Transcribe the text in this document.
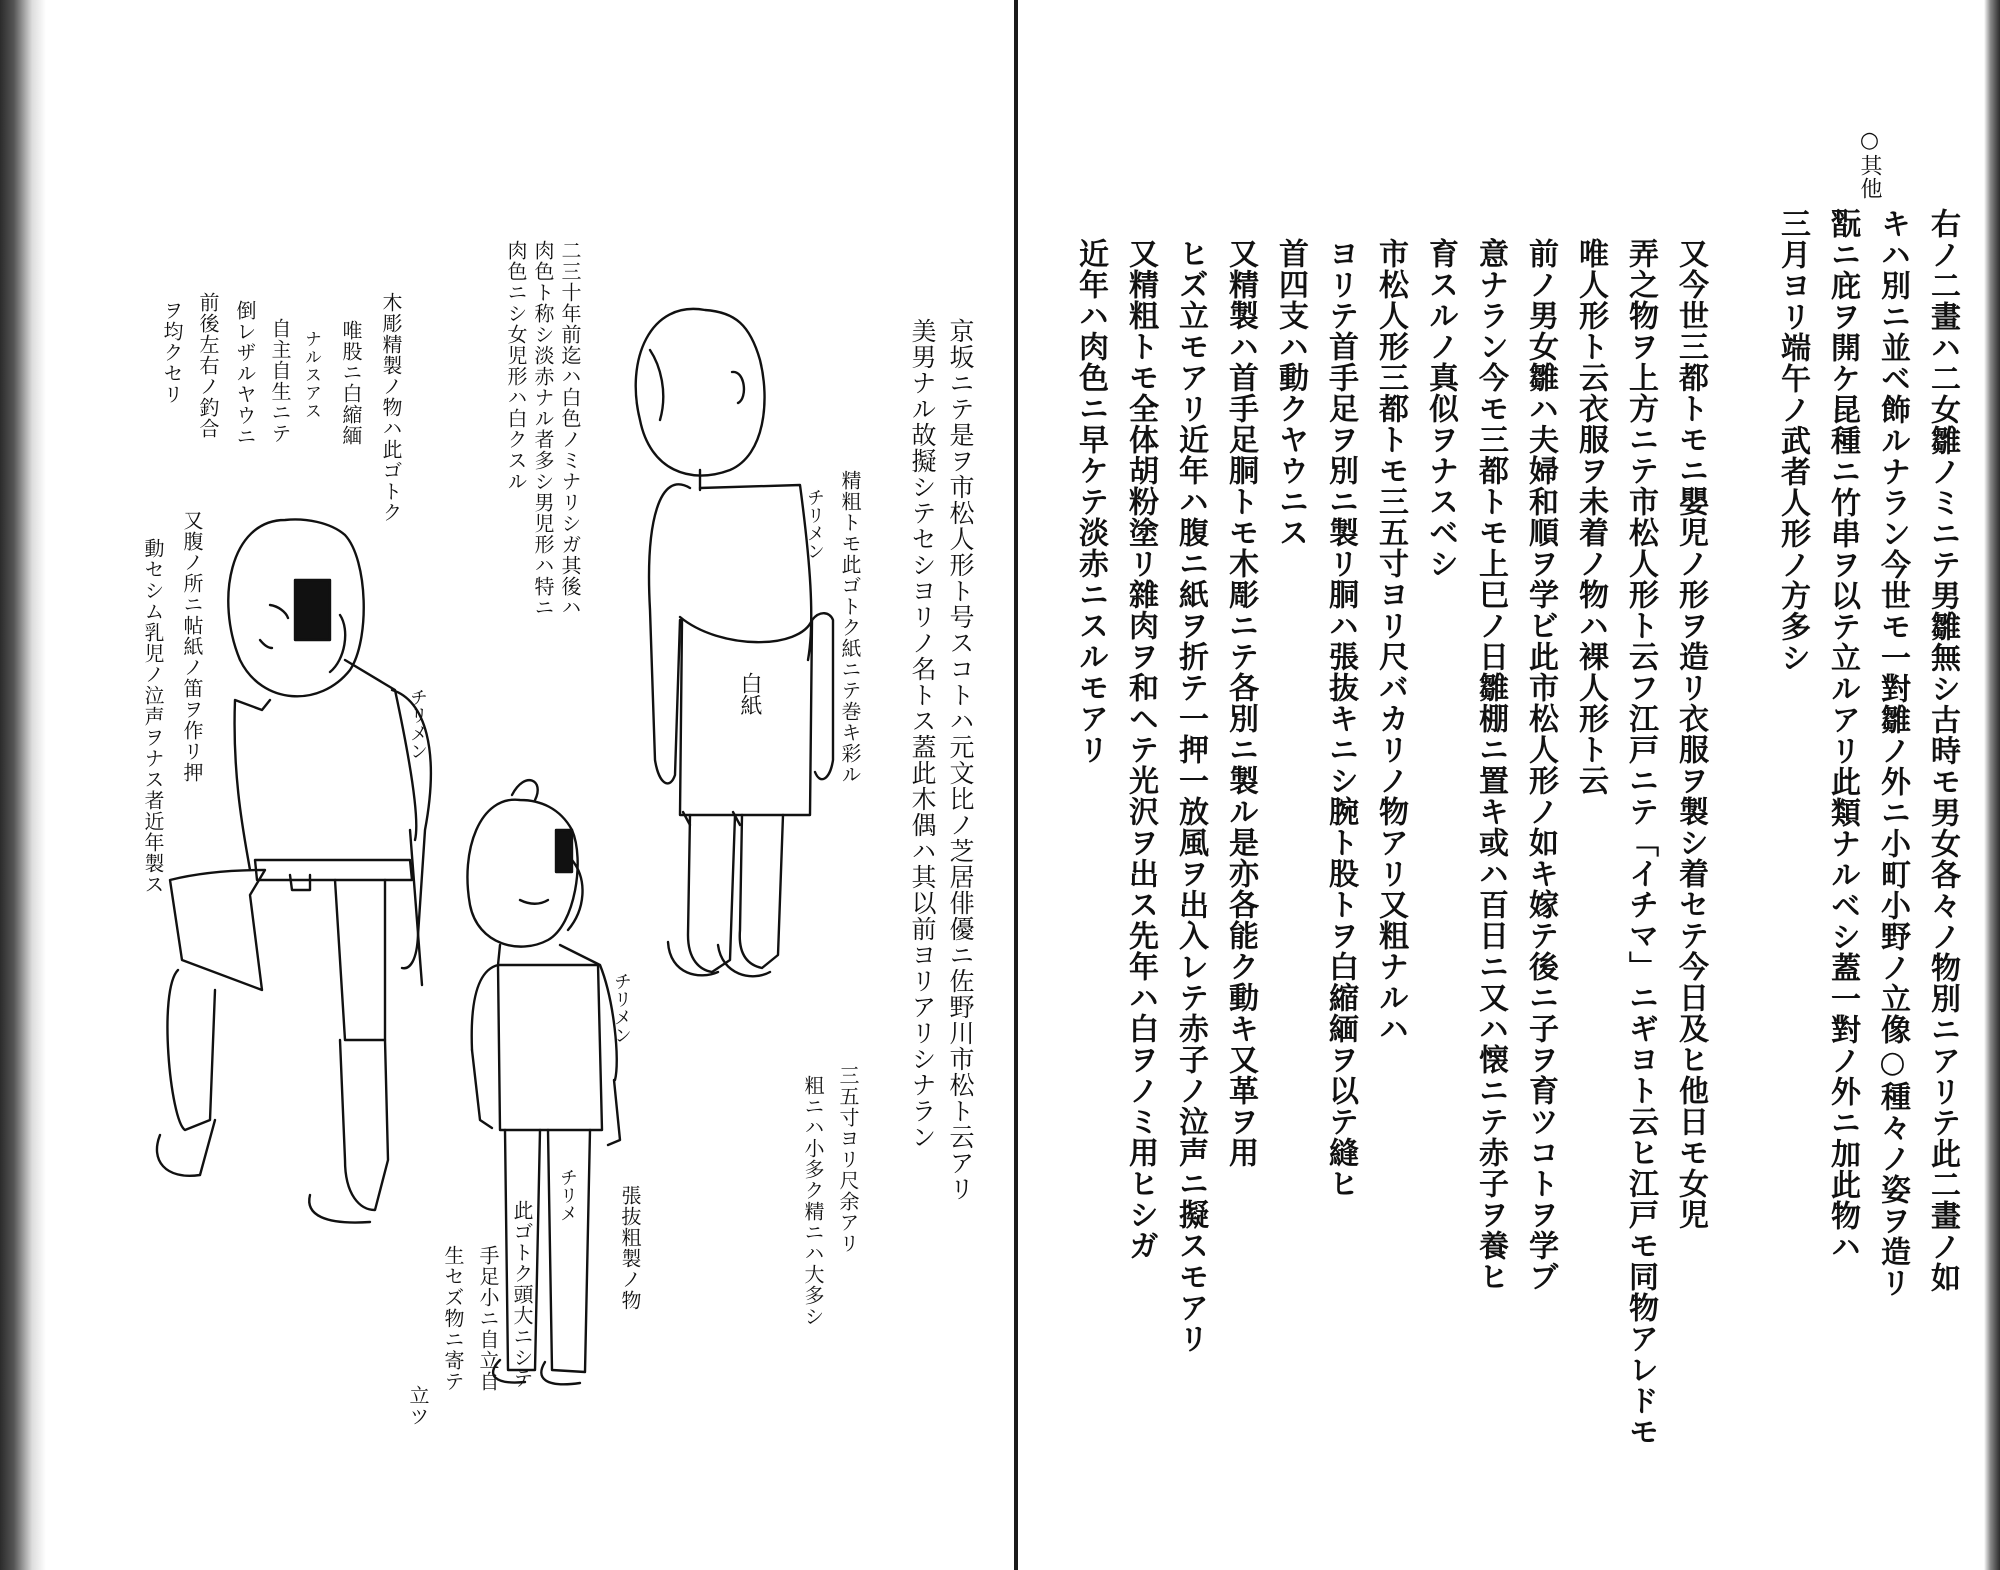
○其他
右ノ二畫ハ二女雛ノミニテ男雛無シ古時モ男女各々ノ物別ニアリテ此二畫ノ如
キハ別ニ並ベ飾ルナラン今世モ一對雛ノ外ニ小町小野ノ立像○種々ノ姿ヲ造リ
翫ニ庇ヲ開ケ昆種ニ竹串ヲ以テ立ルアリ此類ナルベシ蓋一對ノ外ニ加此物ハ
三月ヨリ端午ノ武者人形ノ方多シ
又今世三都トモニ嬰児ノ形ヲ造リ衣服ヲ製シ着セテ今日及ヒ他日モ女児
弄之物ヲ上方ニテ市松人形ト云フ江戸ニテ「イチマ」ニギヨト云ヒ江戸モ同物アレドモ
唯人形ト云衣服ヲ未着ノ物ハ裸人形ト云
前ノ男女雛ハ夫婦和順ヲ学ビ此市松人形ノ如キ嫁テ後ニ子ヲ育ツコトヲ学ブ
意ナラン今モ三都トモ上巳ノ日雛棚ニ置キ或ハ百日ニ又ハ懐ニテ赤子ヲ養ヒ
育スルノ真似ヲナスベシ
市松人形三都トモ三五寸ヨリ尺バカリノ物アリ又粗ナルハ
ヨリテ首手足ヲ別ニ製リ胴ハ張抜キニシ腕ト股トヲ白縮緬ヲ以テ縫ヒ
首四支ハ動クヤウニス
又精製ハ首手足胴トモ木彫ニテ各別ニ製ル是亦各能ク動キ又革ヲ用
ヒズ立モアリ近年ハ腹ニ紙ヲ折テ一押一放風ヲ出入レテ赤子ノ泣声ニ擬スモアリ
又精粗トモ全体胡粉塗リ雜肉ヲ和ヘテ光沢ヲ出ス先年ハ白ヲノミ用ヒシガ
近年ハ肉色ニ早ケテ淡赤ニスルモアリ
京坂ニテ是ヲ市松人形ト号スコトハ元文比ノ芝居俳優ニ佐野川市松ト云アリ
美男ナル故擬シテセシヨリノ名トス蓋此木偶ハ其以前ヨリアリシナラン
精粗トモ此ゴトク紙ニテ巻キ彩ル
二三十年前迄ハ白色ノミナリシガ其後ハ
肉色ト称シ淡赤ナル者多シ男児形ハ特ニ
肉色ニシ女児形ハ白クスル
木彫精製ノ物ハ此ゴトク
唯股ニ白縮緬
ナルスアス
自主自生ニテ
倒レザルヤウニ
前後左右ノ釣合
ヲ均クセリ
又腹ノ所ニ帖紙ノ笛ヲ作リ押
動セシム乳児ノ泣声ヲナス者近年製ス
張抜粗製ノ物
此ゴトク頭大ニシテ
手足小ニ自立自
生セズ物ニ寄テ
立ツ
三五寸ヨリ尺余アリ
粗ニハ小多ク精ニハ大多シ
チリメン
チリメン
チリメン
白紙
チリメ
